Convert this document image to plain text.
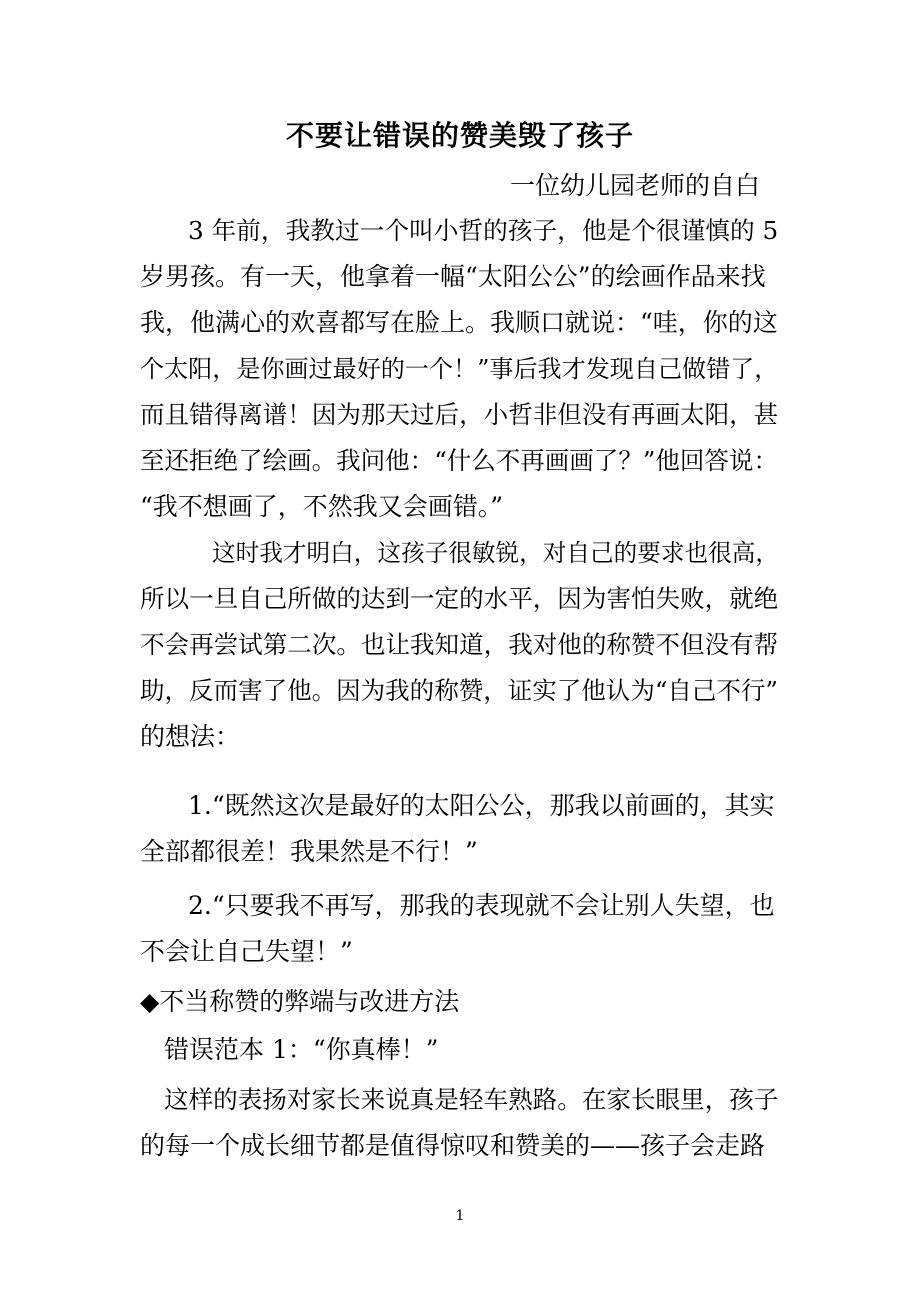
不要让错误的赞美毁了孩子
一位幼儿园老师的自白
3 年前，我教过一个叫小哲的孩子，他是个很谨慎的 5
岁男孩。有一天，他拿着一幅“太阳公公”的绘画作品来找
我，他满心的欢喜都写在脸上。我顺口就说：“哇，你的这
个太阳，是你画过最好的一个！”事后我才发现自己做错了，
而且错得离谱！因为那天过后，小哲非但没有再画太阳，甚
至还拒绝了绘画。我问他：“什么不再画画了？”他回答说：
“我不想画了，不然我又会画错。”
这时我才明白，这孩子很敏锐，对自己的要求也很高，
所以一旦自己所做的达到一定的水平，因为害怕失败，就绝
不会再尝试第二次。也让我知道，我对他的称赞不但没有帮
助，反而害了他。因为我的称赞，证实了他认为“自己不行”
的想法：
1.“既然这次是最好的太阳公公，那我以前画的，其实
全部都很差！我果然是不行！”
2.“只要我不再写，那我的表现就不会让别人失望，也
不会让自己失望！”
◆不当称赞的弊端与改进方法
错误范本 1：“你真棒！”
这样的表扬对家长来说真是轻车熟路。在家长眼里，孩子
的每一个成长细节都是值得惊叹和赞美的——孩子会走路
1
